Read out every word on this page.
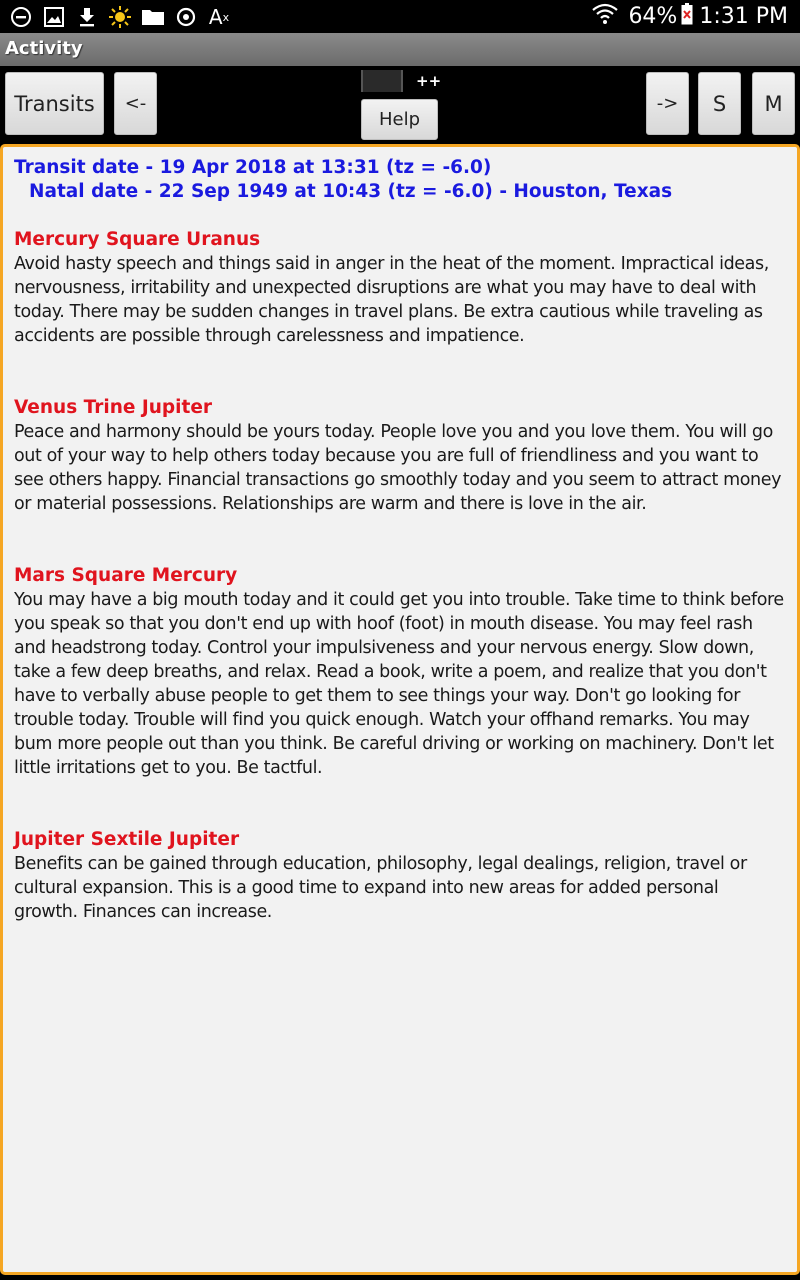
A x	64% 1:31 PM
Activity
Transits	<-
++
Help
->	S	M
Transit date - 19 Apr 2018 at 13:31 (tz = -6.0)
Natal date - 22 Sep 1949 at 10:43 (tz = -6.0) - Houston, Texas
Mercury Square Uranus
Avoid hasty speech and things said in anger in the heat of the moment. Impractical ideas, nervousness, irritability and unexpected disruptions are what you may have to deal with today. There may be sudden changes in travel plans. Be extra cautious while traveling as accidents are possible through carelessness and impatience.
Venus Trine Jupiter
Peace and harmony should be yours today. People love you and you love them. You will go out of your way to help others today because you are full of friendliness and you want to see others happy. Financial transactions go smoothly today and you seem to attract money or material possessions. Relationships are warm and there is love in the air.
Mars Square Mercury
You may have a big mouth today and it could get you into trouble. Take time to think before you speak so that you don't end up with hoof (foot) in mouth disease. You may feel rash and headstrong today. Control your impulsiveness and your nervous energy. Slow down, take a few deep breaths, and relax. Read a book, write a poem, and realize that you don't have to verbally abuse people to get them to see things your way. Don't go looking for trouble today. Trouble will find you quick enough. Watch your offhand remarks. You may bum more people out than you think. Be careful driving or working on machinery. Don't let little irritations get to you. Be tactful.
Jupiter Sextile Jupiter
Benefits can be gained through education, philosophy, legal dealings, religion, travel or cultural expansion. This is a good time to expand into new areas for added personal growth. Finances can increase.
